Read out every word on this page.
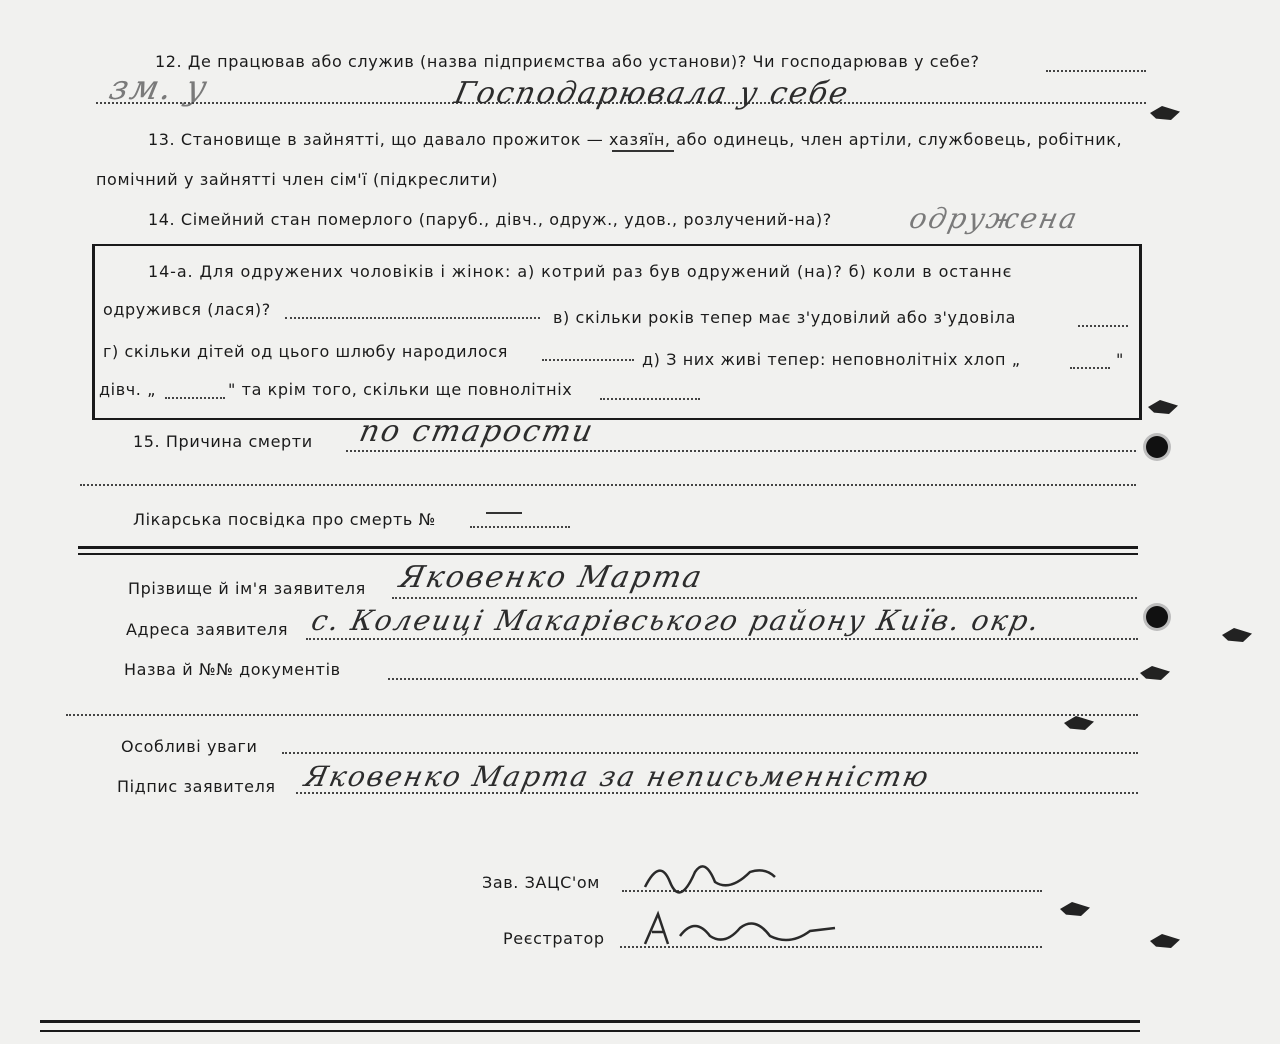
12. Де працював або служив (назва підприємства або установи)? Чи господарював у себе?
зм. у	Господарювала у себе
13. Становище в зайнятті, що давало прожиток — хазяїн, або одинець, член артіли, службовець, робітник,
помічний у зайнятті член сім'ї (підкреслити)
14. Сімейний стан померлого (паруб., дівч., одруж., удов., розлучений-на)?	одружена
14-а. Для одружених чоловіків і жінок: а) котрий раз був одружений (на)? б) коли в останнє
одружився (лася)?	в) скільки років тепер має з'удовілий або з'удовіла
г) скільки дітей од цього шлюбу народилося	д) З них живі тепер: неповнолітніх хлоп „	"
дівч. „	" та крім того, скільки ще повнолітніх
15. Причина смерти по старости
Лікарська посвідка про смерть №
Прізвище й ім'я заявителя Яковенко Марта
Адреса заявителя с. Колеиці Макарівського району Київ. окр.
Назва й №№ документів
Особливі уваги
Підпис заявителя Яковенко Марта за неписьменністю
Зав. ЗАЦС'ом
Реєстратор
